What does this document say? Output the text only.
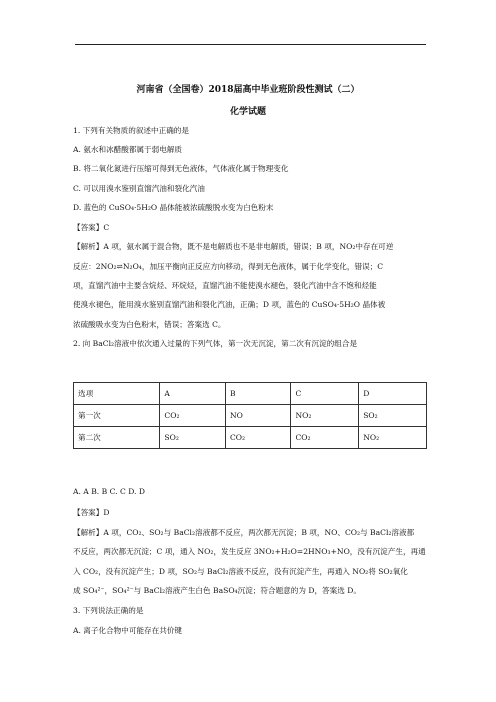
河南省（全国卷）2018届高中毕业班阶段性测试（二）
化学试题
1. 下列有关物质的叙述中正确的是
A. 氨水和冰醋酸都属于弱电解质
B. 将二氧化氮进行压缩可得到无色液体，气体液化属于物理变化
C. 可以用溴水鉴别直馏汽油和裂化汽油
D. 蓝色的 CuSO₄·5H₂O 晶体能被浓硫酸脱水变为白色粉末
【答案】C
【解析】A 项，氨水属于混合物，既不是电解质也不是非电解质，错误；B 项，NO₂中存在可逆
反应：2NO₂⇌N₂O₄，加压平衡向正反应方向移动，得到无色液体，属于化学变化，错误；C
项，直馏汽油中主要含烷烃、环烷烃，直馏汽油不能使溴水褪色，裂化汽油中含不饱和烃能
使溴水褪色，能用溴水鉴别直馏汽油和裂化汽油，正确；D 项，蓝色的 CuSO₄·5H₂O 晶体被
浓硫酸吸水变为白色粉末，错误；答案选 C。
2. 向 BaCl₂溶液中依次通入过量的下列气体，第一次无沉淀，第二次有沉淀的组合是
选项	A	B	C	D
第一次	CO₂	NO	NO₂	SO₂
第二次	SO₂	CO₂	CO₂	NO₂
A. A B. B C. C D. D
【答案】D
【解析】A 项，CO₂、SO₂与 BaCl₂溶液都不反应，两次都无沉淀；B 项，NO、CO₂与 BaCl₂溶液都
不反应，两次都无沉淀；C 项，通入 NO₂，发生反应 3NO₂+H₂O=2HNO₃+NO，没有沉淀产生，再通
入 CO₂，没有沉淀产生；D 项，SO₂与 BaCl₂溶液不反应，没有沉淀产生，再通入 NO₂将 SO₂氧化
成 SO₄²⁻，SO₄²⁻与 BaCl₂溶液产生白色 BaSO₄沉淀；符合题意的为 D，答案选 D。
3. 下列说法正确的是
A. 离子化合物中可能存在共价键
